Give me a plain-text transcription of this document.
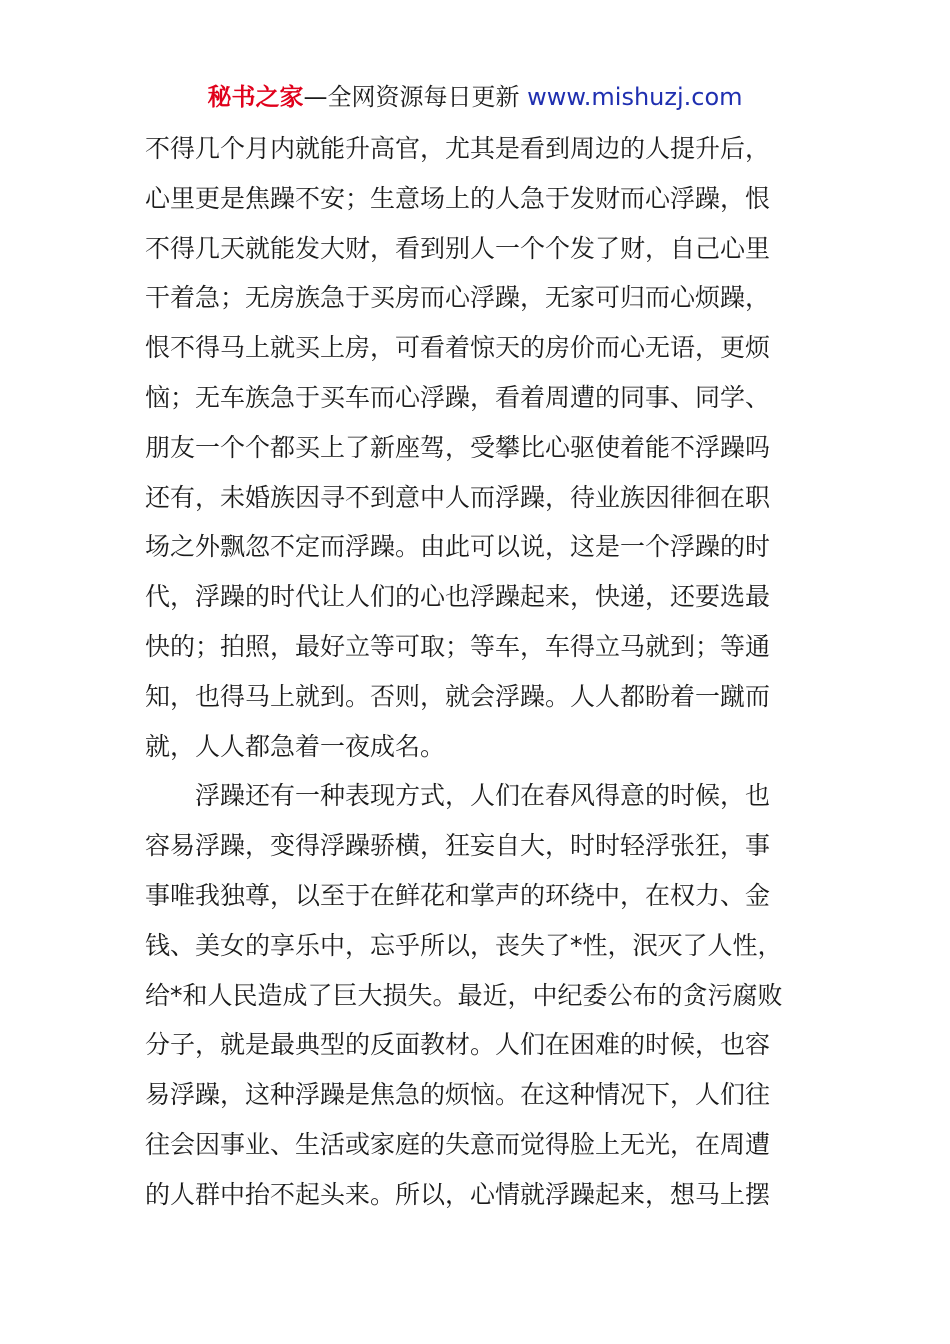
秘书之家—全网资源每日更新 www.mishuzj.com
不得几个月内就能升高官，尤其是看到周边的人提升后，
心里更是焦躁不安；生意场上的人急于发财而心浮躁，恨
不得几天就能发大财，看到别人一个个发了财，自己心里
干着急；无房族急于买房而心浮躁，无家可归而心烦躁，
恨不得马上就买上房，可看着惊天的房价而心无语，更烦
恼；无车族急于买车而心浮躁，看着周遭的同事、同学、
朋友一个个都买上了新座驾，受攀比心驱使着能不浮躁吗
还有，未婚族因寻不到意中人而浮躁，待业族因徘徊在职
场之外飘忽不定而浮躁。由此可以说，这是一个浮躁的时
代，浮躁的时代让人们的心也浮躁起来，快递，还要选最
快的；拍照，最好立等可取；等车，车得立马就到；等通
知，也得马上就到。否则，就会浮躁。人人都盼着一蹴而
就，人人都急着一夜成名。
　　浮躁还有一种表现方式，人们在春风得意的时候，也
容易浮躁，变得浮躁骄横，狂妄自大，时时轻浮张狂，事
事唯我独尊，以至于在鲜花和掌声的环绕中，在权力、金
钱、美女的享乐中，忘乎所以，丧失了*性，泯灭了人性，
给*和人民造成了巨大损失。最近，中纪委公布的贪污腐败
分子，就是最典型的反面教材。人们在困难的时候，也容
易浮躁，这种浮躁是焦急的烦恼。在这种情况下，人们往
往会因事业、生活或家庭的失意而觉得脸上无光，在周遭
的人群中抬不起头来。所以，心情就浮躁起来，想马上摆
